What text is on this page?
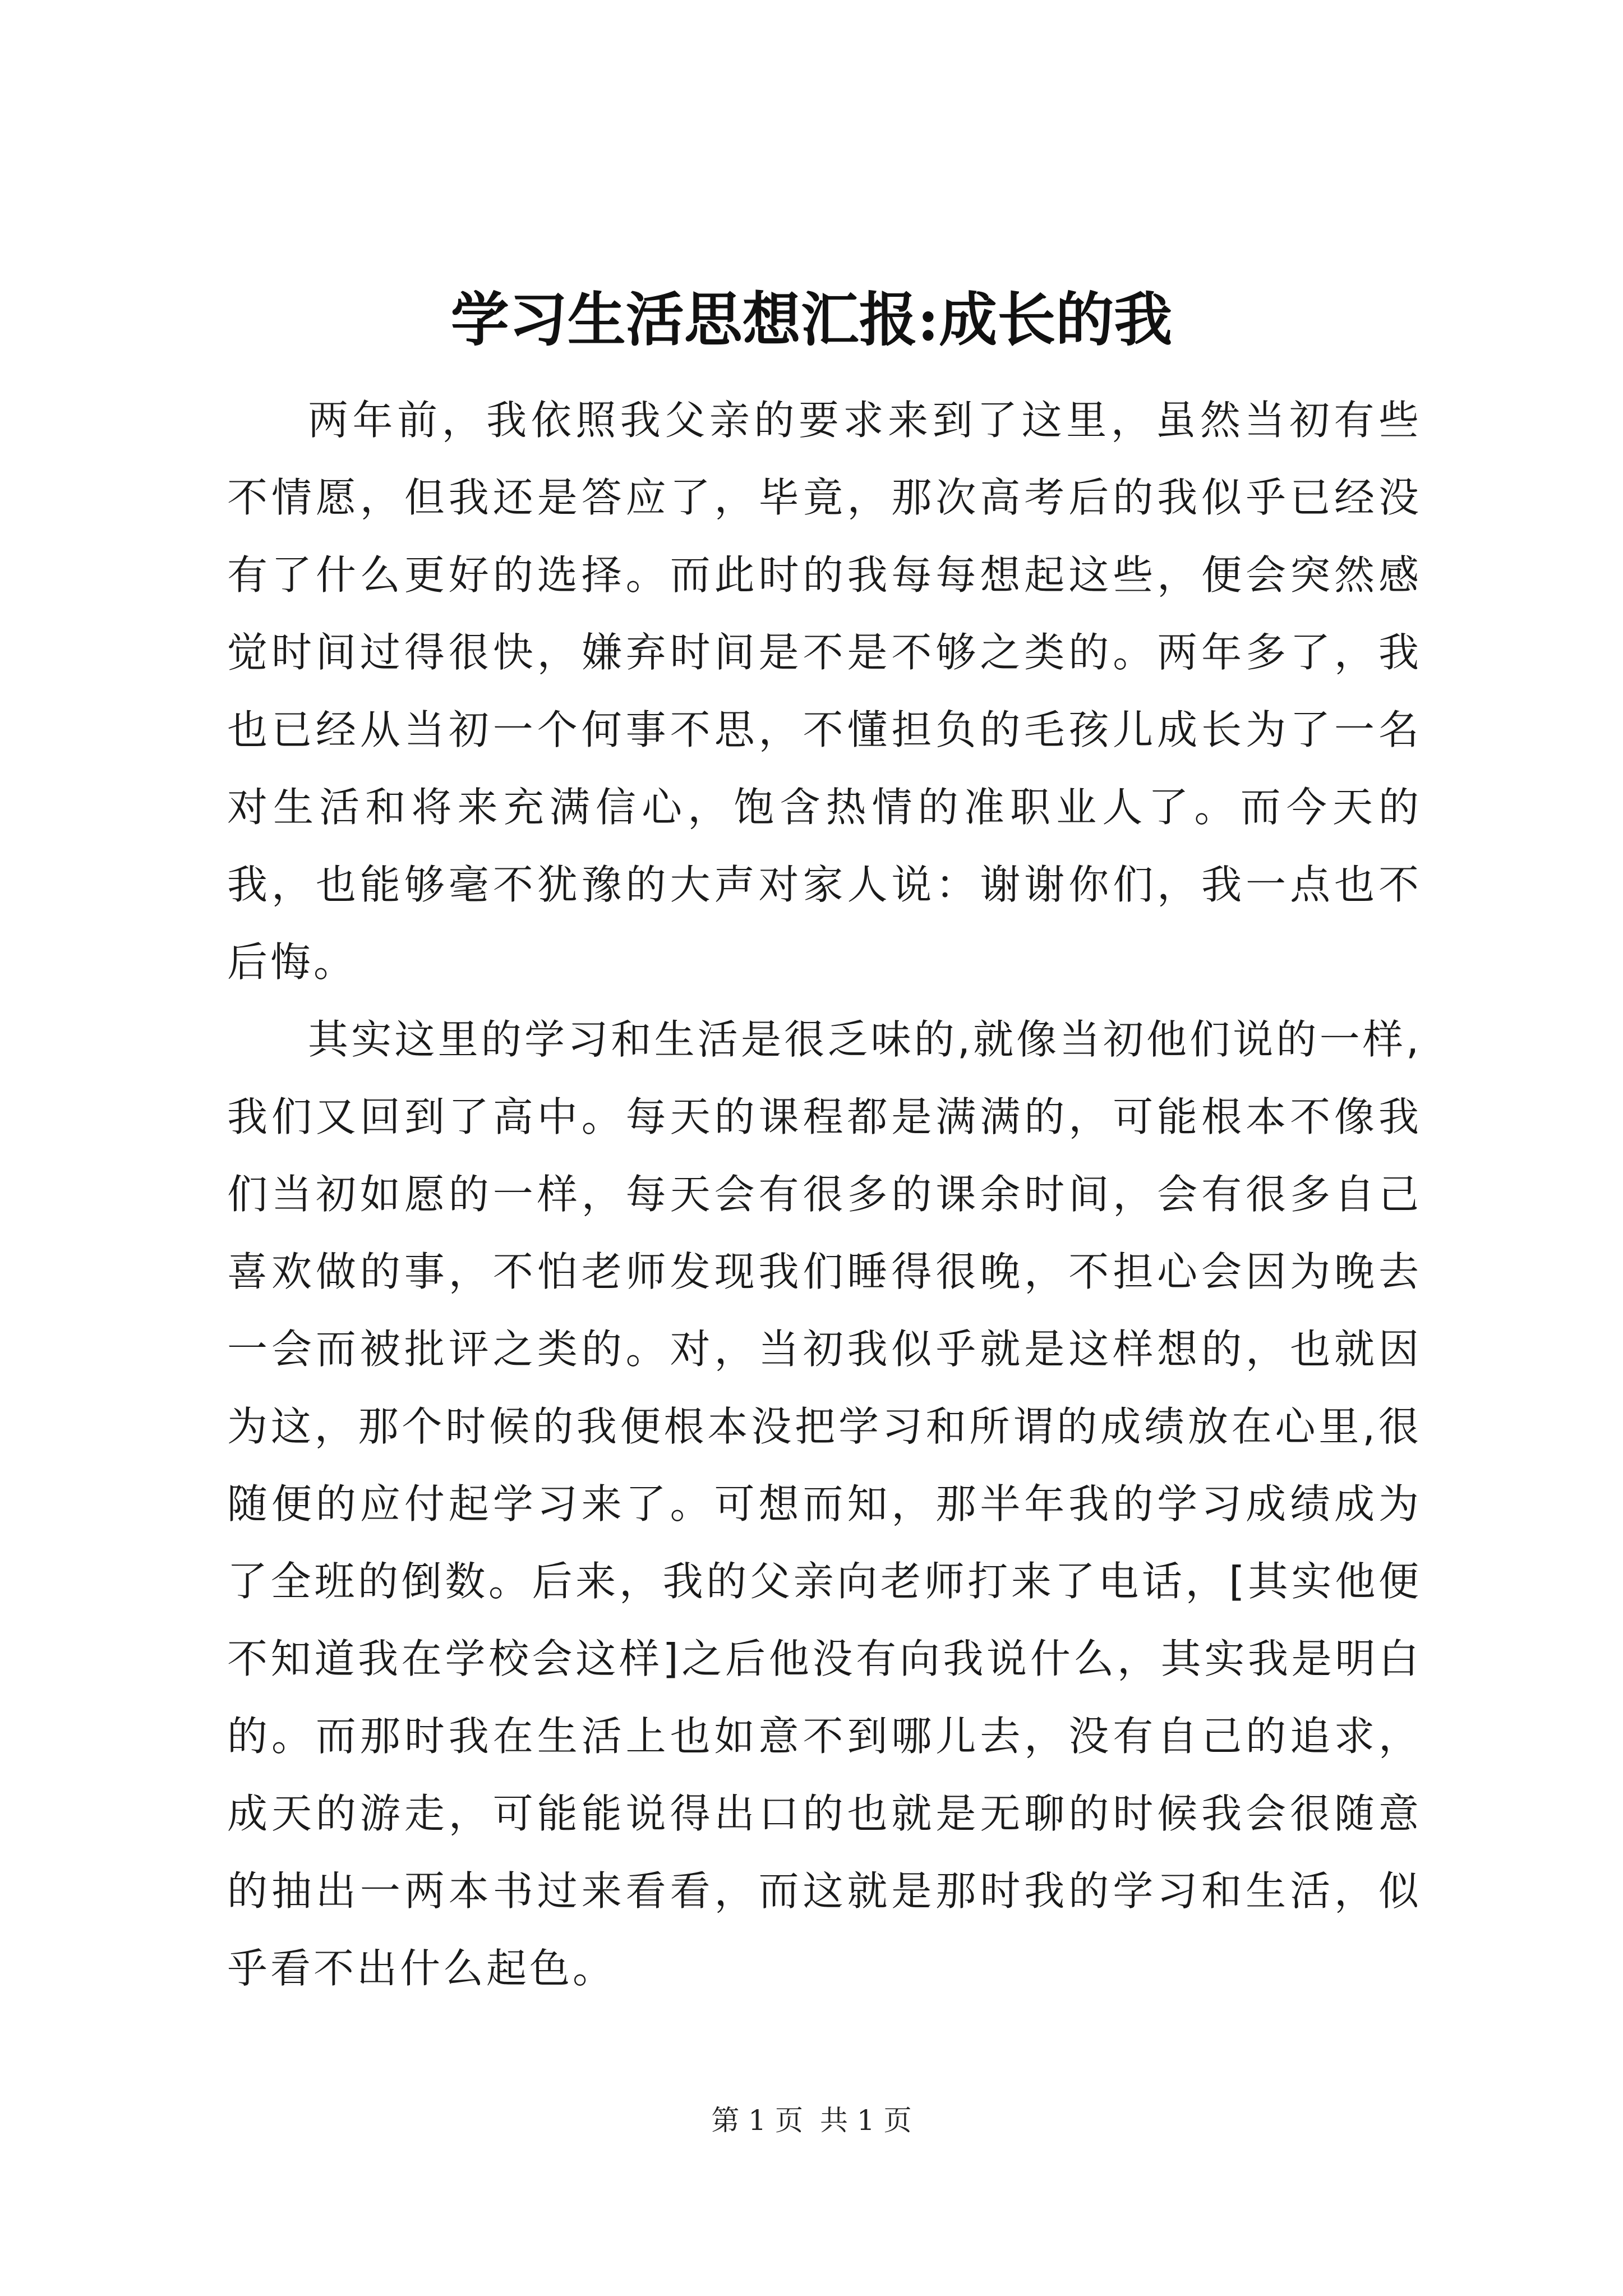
学习生活思想汇报:成长的我

两年前，我依照我父亲的要求来到了这里，虽然当初有些不情愿，但我还是答应了，毕竟，那次高考后的我似乎已经没有了什么更好的选择。而此时的我每每想起这些，便会突然感觉时间过得很快，嫌弃时间是不是不够之类的。两年多了，我也已经从当初一个何事不思，不懂担负的毛孩儿成长为了一名对生活和将来充满信心，饱含热情的准职业人了。而今天的我，也能够毫不犹豫的大声对家人说：谢谢你们，我一点也不后悔。

其实这里的学习和生活是很乏味的,就像当初他们说的一样,我们又回到了高中。每天的课程都是满满的，可能根本不像我们当初如愿的一样，每天会有很多的课余时间，会有很多自己喜欢做的事，不怕老师发现我们睡得很晚，不担心会因为晚去一会而被批评之类的。对，当初我似乎就是这样想的，也就因为这，那个时候的我便根本没把学习和所谓的成绩放在心里,很随便的应付起学习来了。可想而知，那半年我的学习成绩成为了全班的倒数。后来，我的父亲向老师打来了电话，[其实他便不知道我在学校会这样]之后他没有向我说什么，其实我是明白的。而那时我在生活上也如意不到哪儿去，没有自己的追求，成天的游走，可能能说得出口的也就是无聊的时候我会很随意的抽出一两本书过来看看，而这就是那时我的学习和生活，似乎看不出什么起色。

第 1 页 共 1 页
